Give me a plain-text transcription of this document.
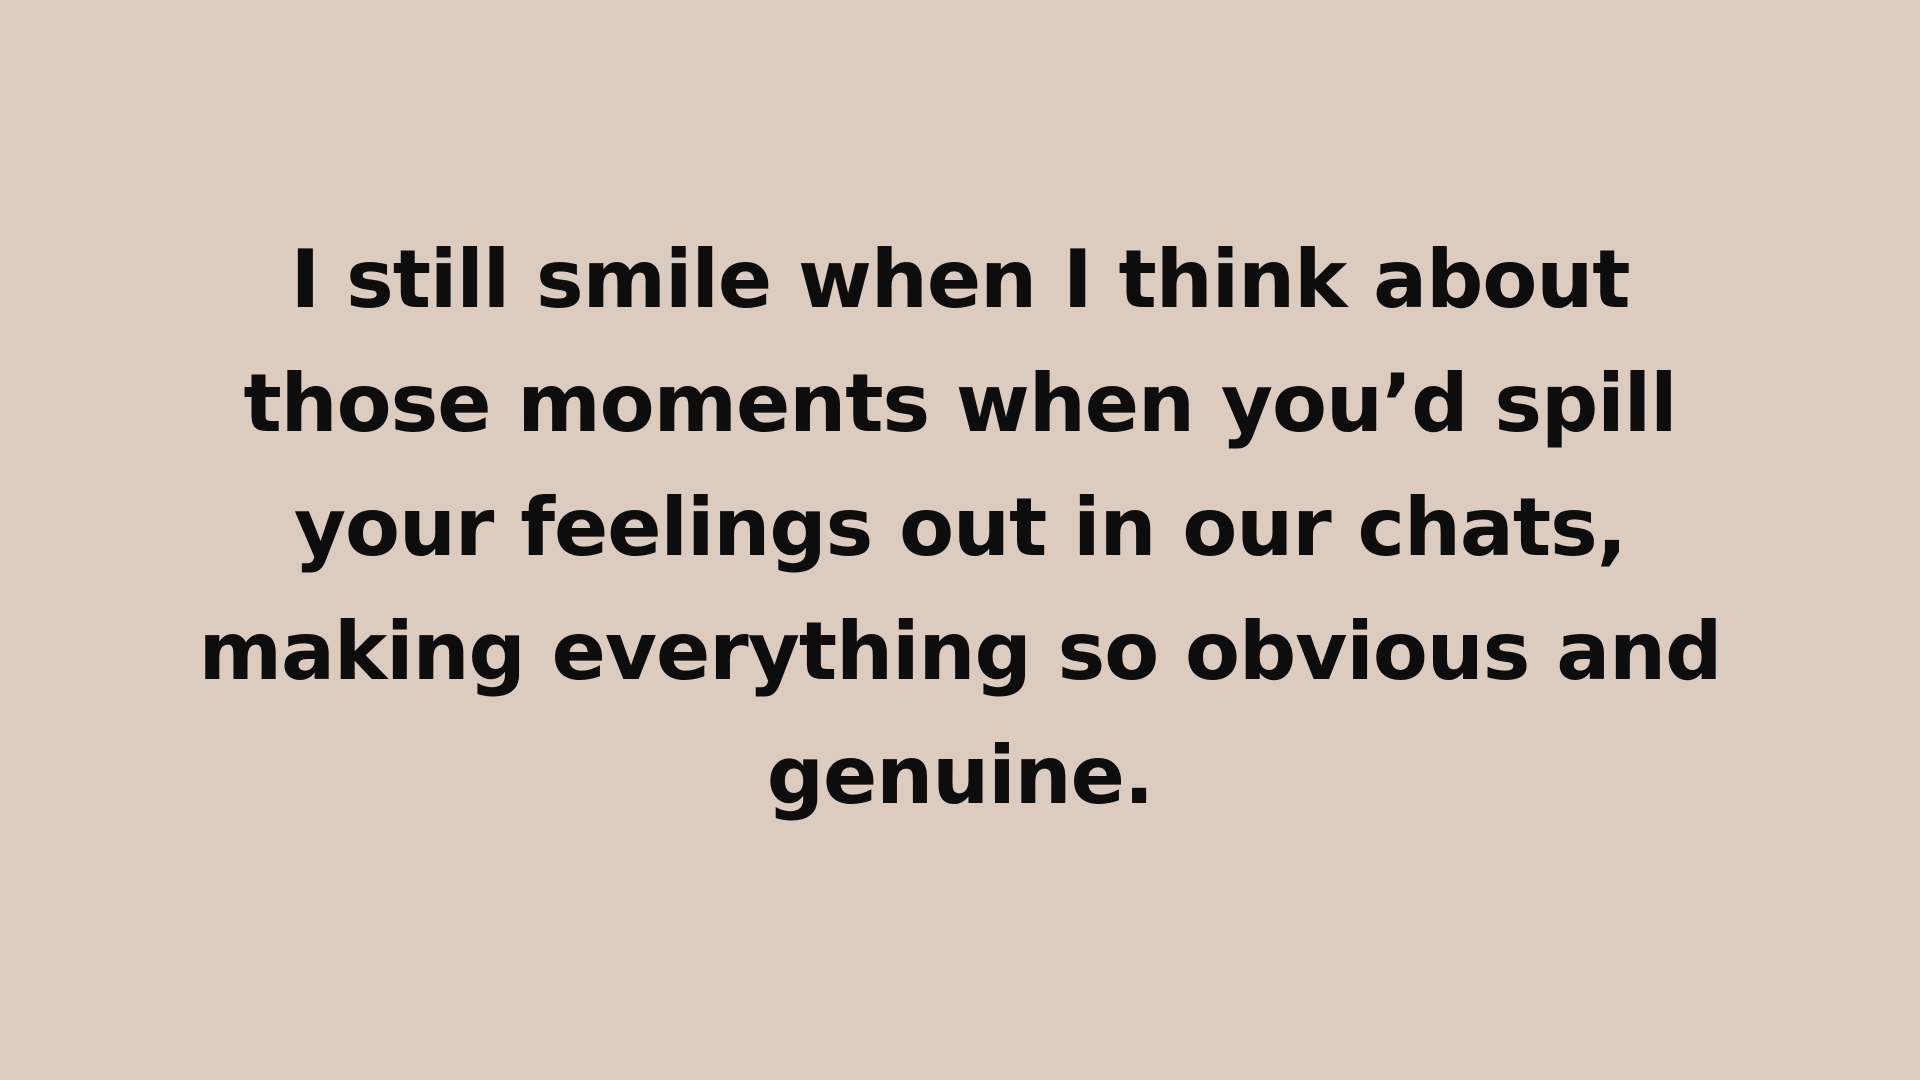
I still smile when I think about
those moments when you’d spill
your feelings out in our chats,
making everything so obvious and
genuine.
